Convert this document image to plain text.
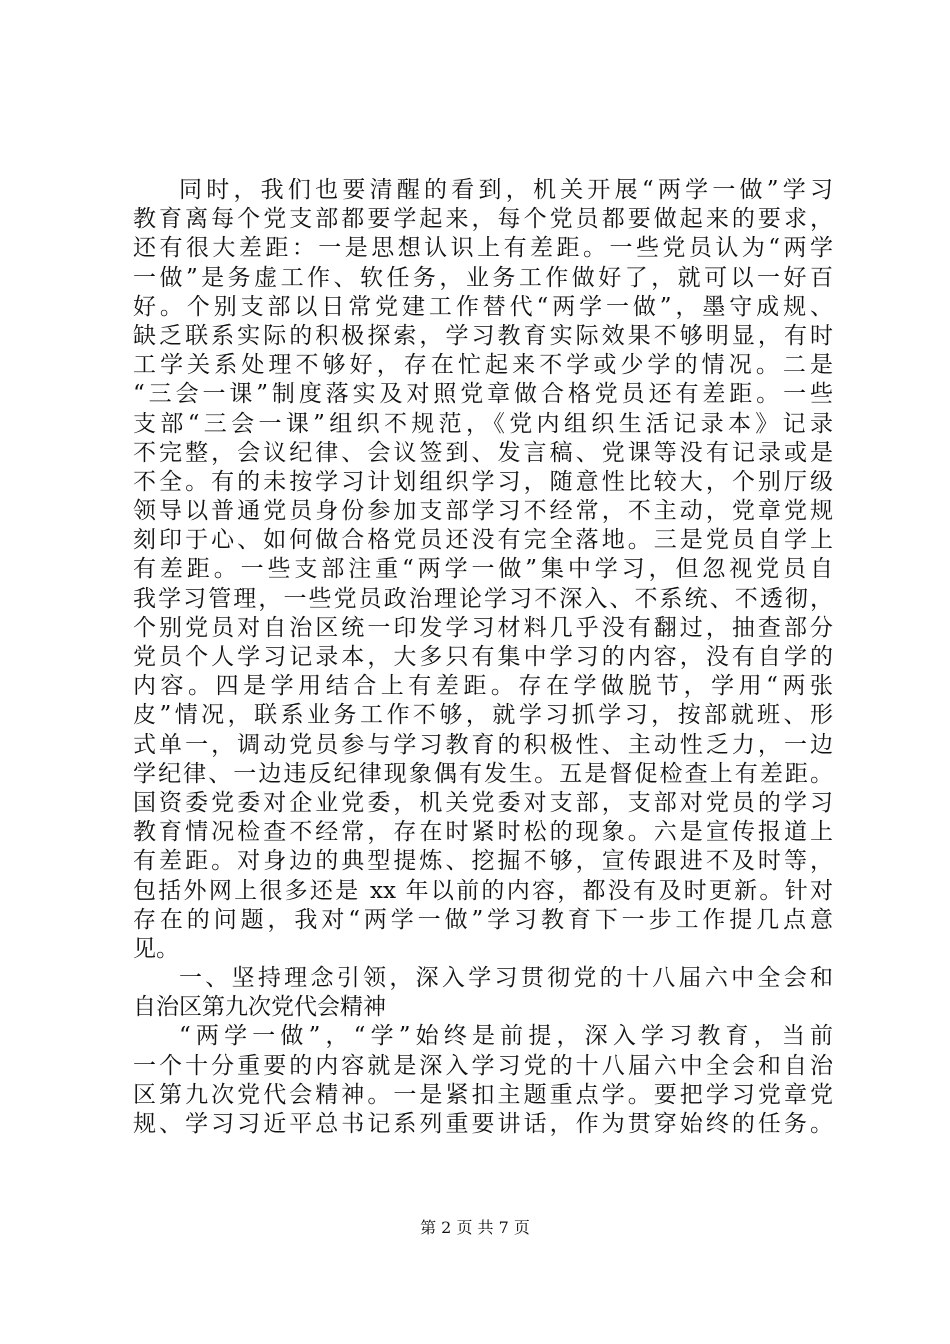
同时，我们也要清醒的看到，机关开展“两学一做”学习
教育离每个党支部都要学起来，每个党员都要做起来的要求，
还有很大差距：一是思想认识上有差距。一些党员认为“两学
一做”是务虚工作、软任务，业务工作做好了，就可以一好百
好。个别支部以日常党建工作替代“两学一做”，墨守成规、
缺乏联系实际的积极探索，学习教育实际效果不够明显，有时
工学关系处理不够好，存在忙起来不学或少学的情况。二是
“三会一课”制度落实及对照党章做合格党员还有差距。一些
支部“三会一课”组织不规范，《党内组织生活记录本》记录
不完整，会议纪律、会议签到、发言稿、党课等没有记录或是
不全。有的未按学习计划组织学习，随意性比较大，个别厅级
领导以普通党员身份参加支部学习不经常，不主动，党章党规
刻印于心、如何做合格党员还没有完全落地。三是党员自学上
有差距。一些支部注重“两学一做”集中学习，但忽视党员自
我学习管理，一些党员政治理论学习不深入、不系统、不透彻，
个别党员对自治区统一印发学习材料几乎没有翻过，抽查部分
党员个人学习记录本，大多只有集中学习的内容，没有自学的
内容。四是学用结合上有差距。存在学做脱节，学用“两张
皮”情况，联系业务工作不够，就学习抓学习，按部就班、形
式单一，调动党员参与学习教育的积极性、主动性乏力，一边
学纪律、一边违反纪律现象偶有发生。五是督促检查上有差距。
国资委党委对企业党委，机关党委对支部，支部对党员的学习
教育情况检查不经常，存在时紧时松的现象。六是宣传报道上
有差距。对身边的典型提炼、挖掘不够，宣传跟进不及时等，
包括外网上很多还是 xx 年以前的内容，都没有及时更新。针对
存在的问题，我对“两学一做”学习教育下一步工作提几点意
见。
一、坚持理念引领，深入学习贯彻党的十八届六中全会和
自治区第九次党代会精神
“两学一做”，“学”始终是前提，深入学习教育，当前
一个十分重要的内容就是深入学习党的十八届六中全会和自治
区第九次党代会精神。一是紧扣主题重点学。要把学习党章党
规、学习习近平总书记系列重要讲话，作为贯穿始终的任务。
第 2 页 共 7 页
